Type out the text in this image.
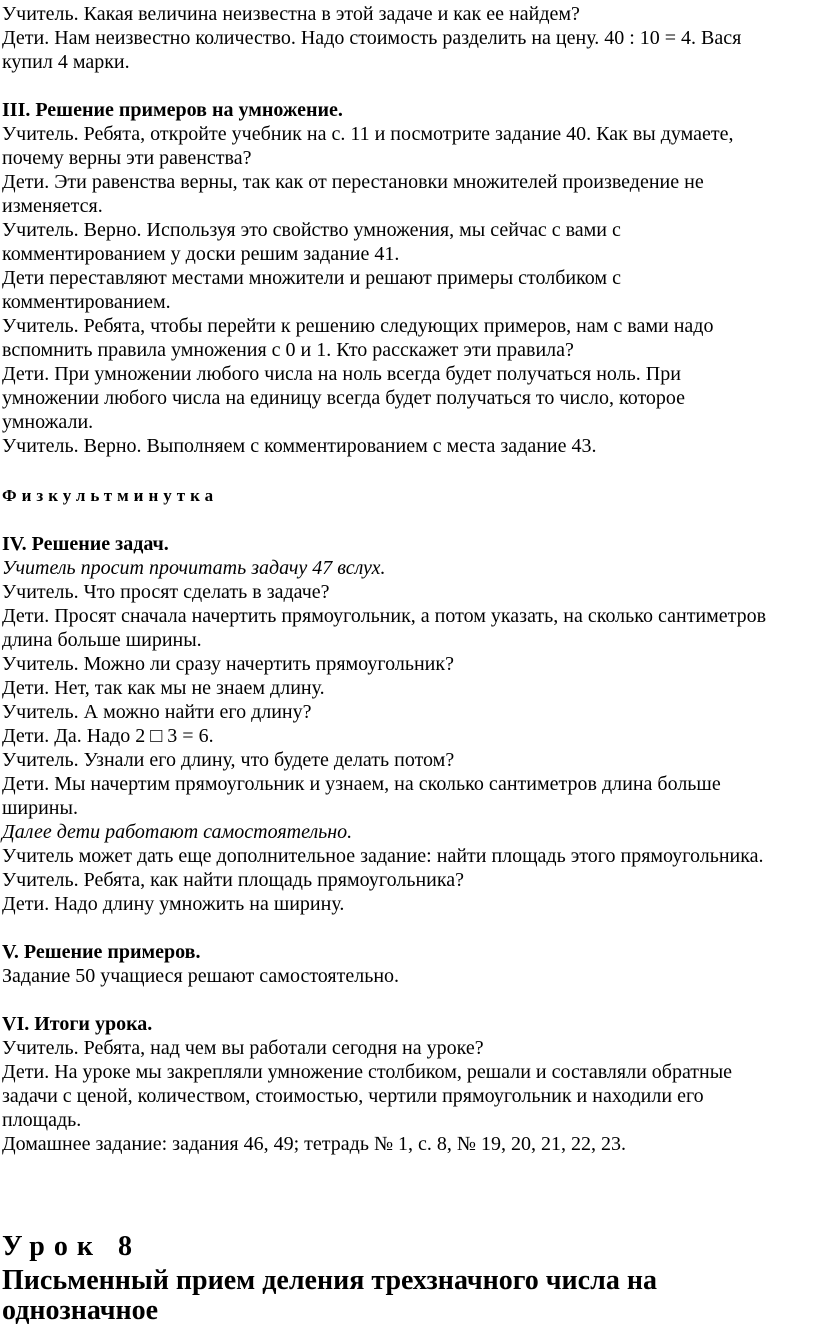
Учитель. Какая величина неизвестна в этой задаче и как ее найдем?

Дети. Нам неизвестно количество. Надо стоимость разделить на цену. 40 : 10 = 4. Вася

купил 4 марки.

III. Решение примеров на умножение.

Учитель. Ребята, откройте учебник на с. 11 и посмотрите задание 40. Как вы думаете,

почему верны эти равенства?

Дети. Эти равенства верны, так как от перестановки множителей произведение не

изменяется.

Учитель. Верно. Используя это свойство умножения, мы сейчас с вами с

комментированием у доски решим задание 41.

Дети переставляют местами множители и решают примеры столбиком с

комментированием.

Учитель. Ребята, чтобы перейти к решению следующих примеров, нам с вами надо

вспомнить правила умножения с 0 и 1. Кто расскажет эти правила?

Дети. При умножении любого числа на ноль всегда будет получаться ноль. При

умножении любого числа на единицу всегда будет получаться то число, которое

умножали.

Учитель. Верно. Выполняем с комментированием с места задание 43.

Физкультминутка

IV. Решение задач.

Учитель просит прочитать задачу 47 вслух.

Учитель. Что просят сделать в задаче?

Дети. Просят сначала начертить прямоугольник, а потом указать, на сколько сантиметров

длина больше ширины.

Учитель. Можно ли сразу начертить прямоугольник?

Дети. Нет, так как мы не знаем длину.

Учитель. А можно найти его длину?

Дети. Да. Надо 2 □ 3 = 6.

Учитель. Узнали его длину, что будете делать потом?

Дети. Мы начертим прямоугольник и узнаем, на сколько сантиметров длина больше

ширины.

Далее дети работают самостоятельно.

Учитель может дать еще дополнительное задание: найти площадь этого прямоугольника.

Учитель. Ребята, как найти площадь прямоугольника?

Дети. Надо длину умножить на ширину.

V. Решение примеров.

Задание 50 учащиеся решают самостоятельно.

VI. Итоги урока.

Учитель. Ребята, над чем вы работали сегодня на уроке?

Дети. На уроке мы закрепляли умножение столбиком, решали и составляли обратные

задачи с ценой, количеством, стоимостью, чертили прямоугольник и находили его

площадь.

Домашнее задание: задания 46, 49; тетрадь № 1, с. 8, № 19, 20, 21, 22, 23.

Урок 8

Письменный прием деления трехзначного числа на

однозначное
